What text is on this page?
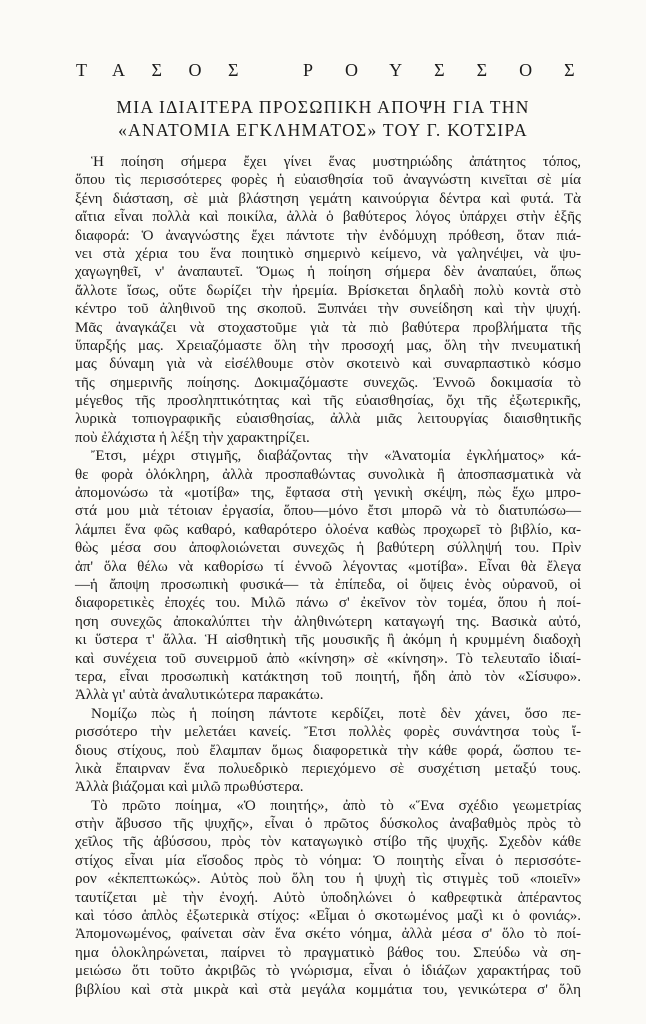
ΤΑΣΟΣ ΡΟΥΣΣΟΣ
ΜΙΑ ΙΔΙΑΙΤΕΡΑ ΠΡΟΣΩΠΙΚΗ ΑΠΟΨΗ ΓΙΑ ΤΗΝ
«ΑΝΑΤΟΜΙΑ ΕΓΚΛΗΜΑΤΟΣ» ΤΟΥ Γ. ΚΟΤΣΙΡΑ
Ἡ ποίηση σήμερα ἔχει γίνει ἕνας μυστηριώδης ἀπάτητος τόπος,
ὅπου τὶς περισσότερες φορὲς ἡ εὐαισθησία τοῦ ἀναγνώστη κινεῖται σὲ μία
ξένη διάσταση, σὲ μιὰ βλάστηση γεμάτη καινούργια δέντρα καὶ φυτά. Τὰ
αἴτια εἶναι πολλὰ καὶ ποικίλα, ἀλλὰ ὁ βαθύτερος λόγος ὑπάρχει στὴν ἑξῆς
διαφορά: Ὁ ἀναγνώστης ἔχει πάντοτε τὴν ἐνδόμυχη πρόθεση, ὅταν πιά-
νει στὰ χέρια του ἕνα ποιητικὸ σημερινὸ κείμενο, νὰ γαληνέψει, νὰ ψυ-
χαγωγηθεῖ, ν' ἀναπαυτεῖ. Ὅμως ἡ ποίηση σήμερα δὲν ἀναπαύει, ὅπως
ἄλλοτε ἴσως, οὔτε δωρίζει τὴν ἠρεμία. Βρίσκεται δηλαδὴ πολὺ κοντὰ στὸ
κέντρο τοῦ ἀληθινοῦ της σκοποῦ. Ξυπνάει τὴν συνείδηση καὶ τὴν ψυχή.
Μᾶς ἀναγκάζει νὰ στοχαστοῦμε γιὰ τὰ πιὸ βαθύτερα προβλήματα τῆς
ὕπαρξής μας. Χρειαζόμαστε ὅλη τὴν προσοχή μας, ὅλη τὴν πνευματική
μας δύναμη γιὰ νὰ εἰσέλθουμε στὸν σκοτεινὸ καὶ συναρπαστικὸ κόσμο
τῆς σημερινῆς ποίησης. Δοκιμαζόμαστε συνεχῶς. Ἐννοῶ δοκιμασία τὸ
μέγεθος τῆς προσληπτικότητας καὶ τῆς εὐαισθησίας, ὄχι τῆς ἐξωτερικῆς,
λυρικὰ τοπιογραφικῆς εὐαισθησίας, ἀλλὰ μιᾶς λειτουργίας διαισθητικῆς
ποὺ ἐλάχιστα ἡ λέξη τὴν χαρακτηρίζει.
Ἔτσι, μέχρι στιγμῆς, διαβάζοντας τὴν «Ἀνατομία ἐγκλήματος» κά-
θε φορὰ ὁλόκληρη, ἀλλὰ προσπαθώντας συνολικὰ ἢ ἀποσπασματικὰ νὰ
ἀπομονώσω τὰ «μοτίβα» της, ἔφτασα στὴ γενικὴ σκέψη, πὼς ἔχω μπρο-
στά μου μιὰ τέτοιαν ἐργασία, ὅπου—μόνο ἔτσι μπορῶ νὰ τὸ διατυπώσω—
λάμπει ἕνα φῶς καθαρό, καθαρότερο ὁλοένα καθὼς προχωρεῖ τὸ βιβλίο, κα-
θὼς μέσα σου ἀποφλοιώνεται συνεχῶς ἡ βαθύτερη σύλληψή του. Πρὶν
ἀπ' ὅλα θέλω νὰ καθορίσω τί ἐννοῶ λέγοντας «μοτίβα». Εἶναι θὰ ἔλεγα
—ἡ ἄποψη προσωπικὴ φυσικά— τὰ ἐπίπεδα, οἱ ὄψεις ἑνὸς οὐρανοῦ, οἱ
διαφορετικὲς ἐποχές του. Μιλῶ πάνω σ' ἐκεῖνον τὸν τομέα, ὅπου ἡ ποί-
ηση συνεχῶς ἀποκαλύπτει τὴν ἀληθινώτερη καταγωγή της. Βασικὰ αὐτό,
κι ὕστερα τ' ἄλλα. Ἡ αἰσθητικὴ τῆς μουσικῆς ἢ ἀκόμη ἡ κρυμμένη διαδοχὴ
καὶ συνέχεια τοῦ συνειρμοῦ ἀπὸ «κίνηση» σὲ «κίνηση». Τὸ τελευταῖο ἰδιαί-
τερα, εἶναι προσωπικὴ κατάκτηση τοῦ ποιητή, ἤδη ἀπὸ τὸν «Σίσυφο».
Ἀλλὰ γι' αὐτὰ ἀναλυτικώτερα παρακάτω.
Νομίζω πὼς ἡ ποίηση πάντοτε κερδίζει, ποτὲ δὲν χάνει, ὅσο πε-
ρισσότερο τὴν μελετάει κανείς. Ἔτσι πολλὲς φορὲς συνάντησα τοὺς ἴ-
διους στίχους, ποὺ ἔλαμπαν ὅμως διαφορετικὰ τὴν κάθε φορά, ὥσπου τε-
λικὰ ἔπαιρναν ἕνα πολυεδρικὸ περιεχόμενο σὲ συσχέτιση μεταξύ τους.
Ἀλλὰ βιάζομαι καὶ μιλῶ πρωθύστερα.
Τὸ πρῶτο ποίημα, «Ὁ ποιητής», ἀπὸ τὸ «Ἕνα σχέδιο γεωμετρίας
στὴν ἄβυσσο τῆς ψυχῆς», εἶναι ὁ πρῶτος δύσκολος ἀναβαθμὸς πρὸς τὸ
χεῖλος τῆς ἀβύσσου, πρὸς τὸν καταγωγικὸ στίβο τῆς ψυχῆς. Σχεδὸν κάθε
στίχος εἶναι μία εἴσοδος πρὸς τὸ νόημα: Ὁ ποιητὴς εἶναι ὁ περισσότε-
ρον «ἐκπεπτωκώς». Αὐτὸς ποὺ ὅλη του ἡ ψυχὴ τὶς στιγμὲς τοῦ «ποιεῖν»
ταυτίζεται μὲ τὴν ἐνοχή. Αὐτὸ ὑποδηλώνει ὁ καθρεφτικὰ ἀπέραντος
καὶ τόσο ἁπλὸς ἐξωτερικὰ στίχος: «Εἶμαι ὁ σκοτωμένος μαζὶ κι ὁ φονιάς».
Ἀπομονωμένος, φαίνεται σὰν ἕνα σκέτο νόημα, ἀλλὰ μέσα σ' ὅλο τὸ ποί-
ημα ὁλοκληρώνεται, παίρνει τὸ πραγματικὸ βάθος του. Σπεύδω νὰ ση-
μειώσω ὅτι τοῦτο ἀκριβῶς τὸ γνώρισμα, εἶναι ὁ ἰδιάζων χαρακτήρας τοῦ
βιβλίου καὶ στὰ μικρὰ καὶ στὰ μεγάλα κομμάτια του, γενικώτερα σ' ὅλη
